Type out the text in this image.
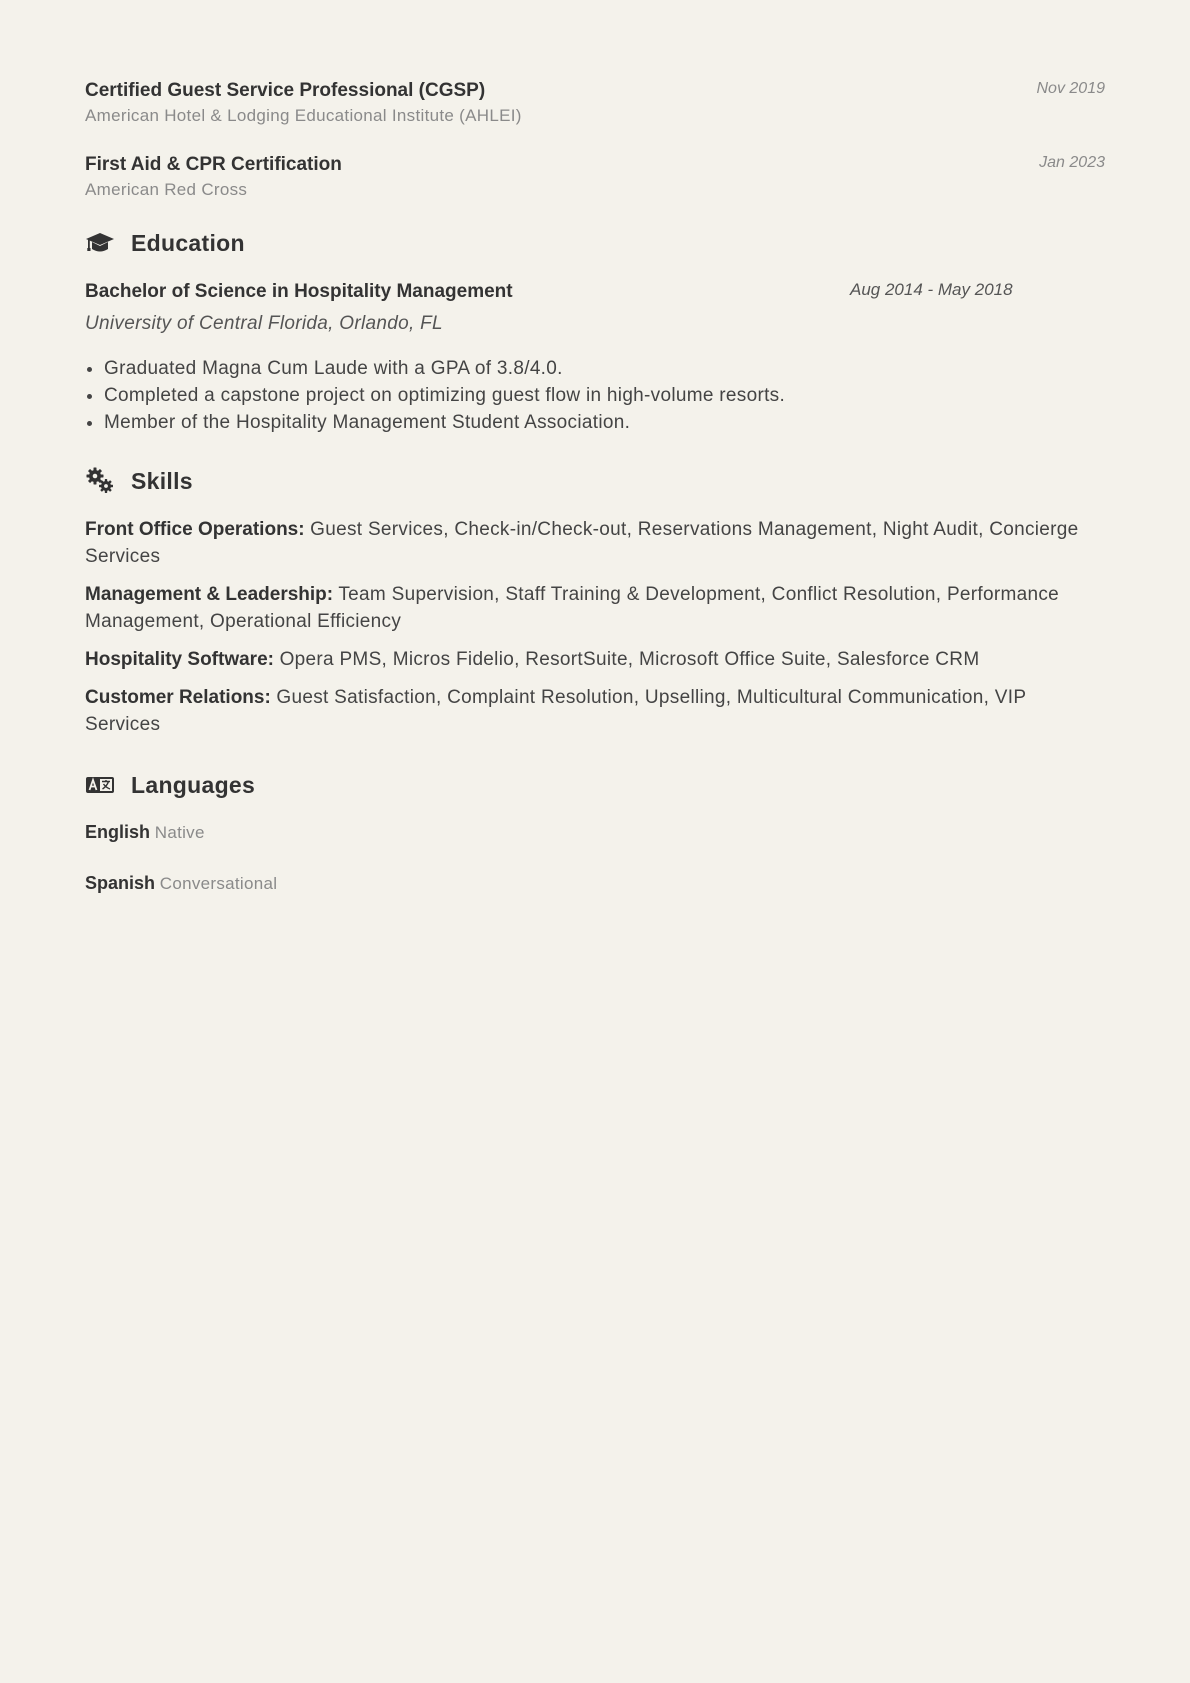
Certified Guest Service Professional (CGSP)
American Hotel & Lodging Educational Institute (AHLEI)
Nov 2019
First Aid & CPR Certification
American Red Cross
Jan 2023
Education
Bachelor of Science in Hospitality Management	Aug 2014 - May 2018
University of Central Florida, Orlando, FL
• Graduated Magna Cum Laude with a GPA of 3.8/4.0.
• Completed a capstone project on optimizing guest flow in high-volume resorts.
• Member of the Hospitality Management Student Association.
Skills
Front Office Operations: Guest Services, Check-in/Check-out, Reservations Management, Night Audit, Concierge Services
Management & Leadership: Team Supervision, Staff Training & Development, Conflict Resolution, Performance Management, Operational Efficiency
Hospitality Software: Opera PMS, Micros Fidelio, ResortSuite, Microsoft Office Suite, Salesforce CRM
Customer Relations: Guest Satisfaction, Complaint Resolution, Upselling, Multicultural Communication, VIP Services
Languages
English Native
Spanish Conversational
